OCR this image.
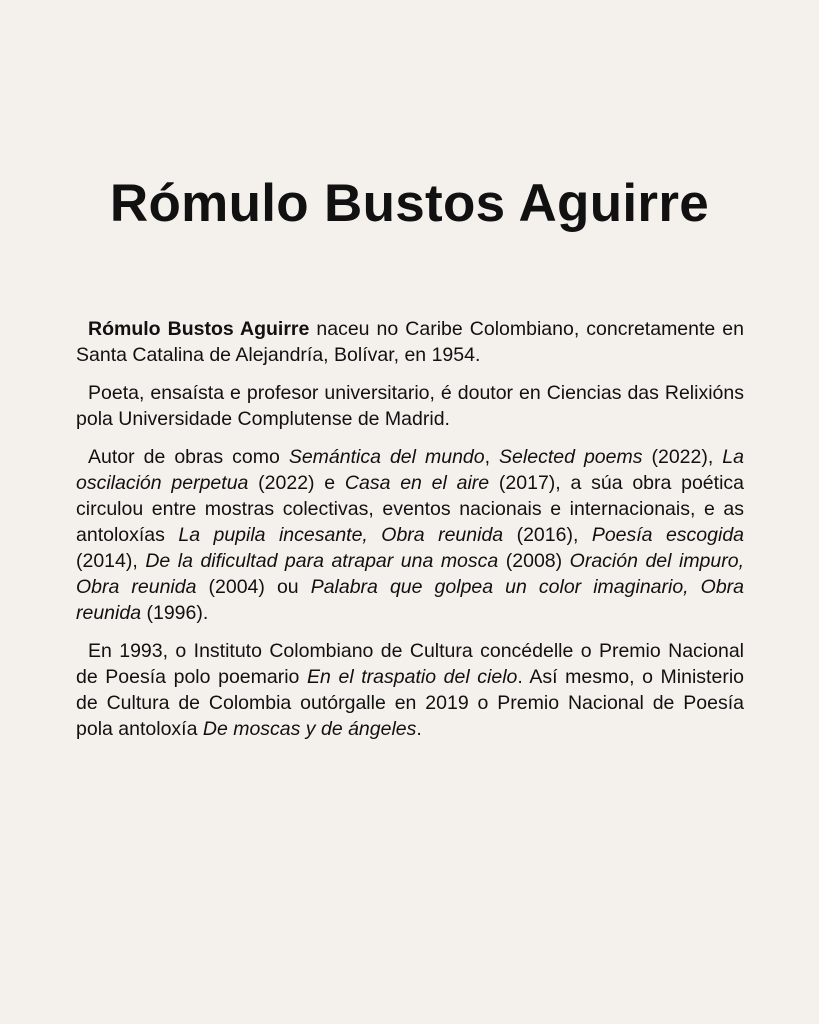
Rómulo Bustos Aguirre

Rómulo Bustos Aguirre naceu no Caribe Colombiano, concretamente en Santa Catalina de Alejandría, Bolívar, en 1954.

Poeta, ensaísta e profesor universitario, é doutor en Ciencias das Relixións pola Universidade Complutense de Madrid.

Autor de obras como Semántica del mundo, Selected poems (2022), La oscilación perpetua (2022) e Casa en el aire (2017), a súa obra poética circulou entre mostras colectivas, eventos nacionais e internacionais, e as antoloxías La pupila incesante, Obra reunida (2016), Poesía escogida (2014), De la dificultad para atrapar una mosca (2008) Oración del impuro, Obra reunida (2004) ou Palabra que golpea un color imaginario, Obra reunida (1996).

En 1993, o Instituto Colombiano de Cultura concédelle o Premio Nacional de Poesía polo poemario En el traspatio del cielo. Así mesmo, o Ministerio de Cultura de Colombia outórgalle en 2019 o Premio Nacional de Poesía pola antoloxía De moscas y de ángeles.
